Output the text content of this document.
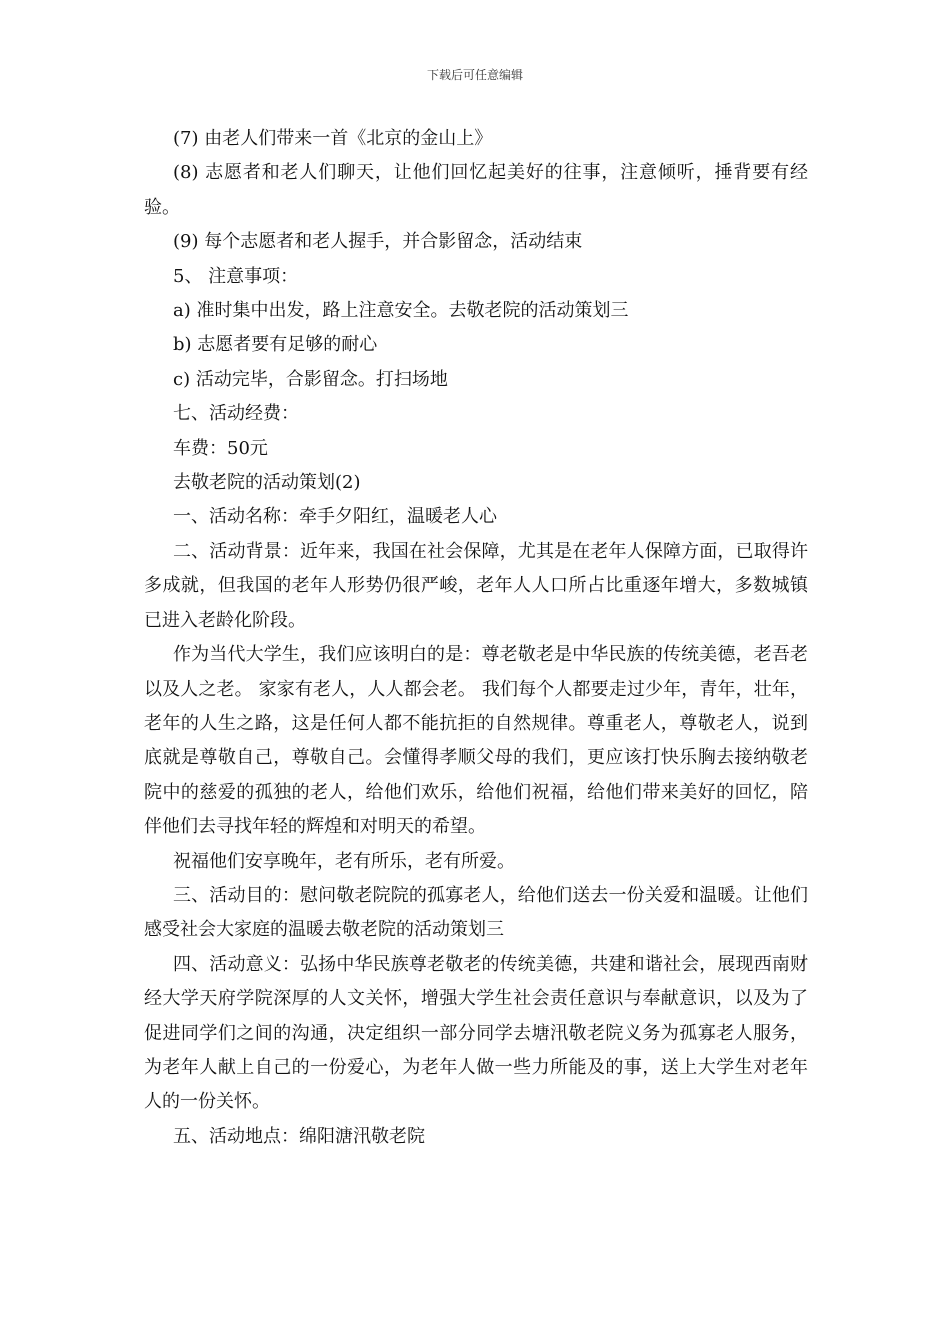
下载后可任意编辑

(7) 由老人们带来一首《北京的金山上》

(8) 志愿者和老人们聊天，让他们回忆起美好的往事，注意倾听，捶背要有经验。

(9) 每个志愿者和老人握手，并合影留念，活动结束

5、 注意事项：

a) 准时集中出发，路上注意安全。去敬老院的活动策划三

b) 志愿者要有足够的耐心

c) 活动完毕，合影留念。打扫场地

七、活动经费：

车费：50元

去敬老院的活动策划(2)

一、活动名称：牵手夕阳红，温暖老人心

二、活动背景：近年来，我国在社会保障，尤其是在老年人保障方面，已取得许多成就，但我国的老年人形势仍很严峻，老年人人口所占比重逐年增大，多数城镇已进入老龄化阶段。

作为当代大学生，我们应该明白的是：尊老敬老是中华民族的传统美德，老吾老以及人之老。 家家有老人，人人都会老。 我们每个人都要走过少年，青年，壮年，老年的人生之路，这是任何人都不能抗拒的自然规律。尊重老人，尊敬老人，说到底就是尊敬自己，尊敬自己。会懂得孝顺父母的我们，更应该打快乐胸去接纳敬老院中的慈爱的孤独的老人，给他们欢乐，给他们祝福，给他们带来美好的回忆，陪伴他们去寻找年轻的辉煌和对明天的希望。

祝福他们安享晚年，老有所乐，老有所爱。

三、活动目的：慰问敬老院院的孤寡老人，给他们送去一份关爱和温暖。让他们感受社会大家庭的温暖去敬老院的活动策划三

四、活动意义：弘扬中华民族尊老敬老的传统美德，共建和谐社会，展现西南财经大学天府学院深厚的人文关怀，增强大学生社会责任意识与奉献意识，以及为了促进同学们之间的沟通，决定组织一部分同学去塘汛敬老院义务为孤寡老人服务，为老年人献上自己的一份爱心，为老年人做一些力所能及的事，送上大学生对老年人的一份关怀。

五、活动地点：绵阳溏汛敬老院
